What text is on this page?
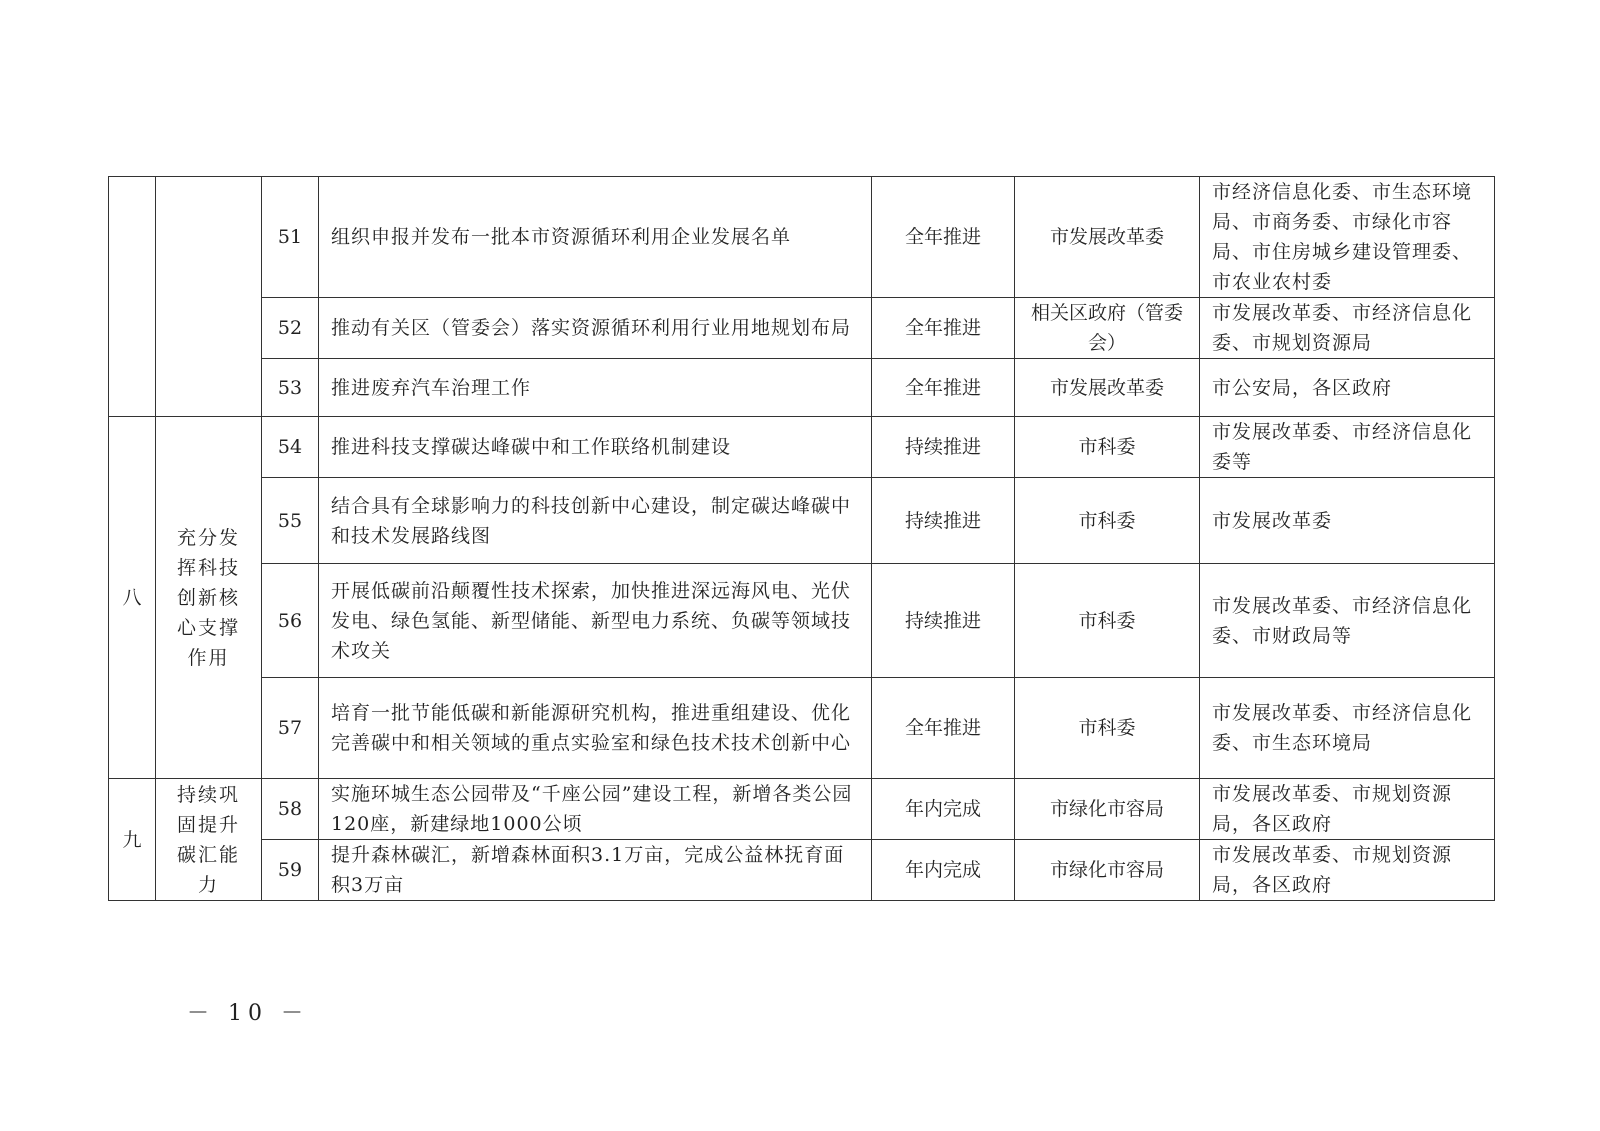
		51	组织申报并发布一批本市资源循环利用企业发展名单	全年推进	市发展改革委	市经济信息化委、市生态环境局、市商务委、市绿化市容局、市住房城乡建设管理委、市农业农村委
		52	推动有关区（管委会）落实资源循环利用行业用地规划布局	全年推进	相关区政府（管委会）	市发展改革委、市经济信息化委、市规划资源局
		53	推进废弃汽车治理工作	全年推进	市发展改革委	市公安局，各区政府
八	充分发挥科技创新核心支撑作用	54	推进科技支撑碳达峰碳中和工作联络机制建设	持续推进	市科委	市发展改革委、市经济信息化委等
		55	结合具有全球影响力的科技创新中心建设，制定碳达峰碳中和技术发展路线图	持续推进	市科委	市发展改革委
		56	开展低碳前沿颠覆性技术探索，加快推进深远海风电、光伏发电、绿色氢能、新型储能、新型电力系统、负碳等领域技术攻关	持续推进	市科委	市发展改革委、市经济信息化委、市财政局等
		57	培育一批节能低碳和新能源研究机构，推进重组建设、优化完善碳中和相关领域的重点实验室和绿色技术技术创新中心	全年推进	市科委	市发展改革委、市经济信息化委、市生态环境局
九	持续巩固提升碳汇能力	58	实施环城生态公园带及“千座公园”建设工程，新增各类公园120座，新建绿地1000公顷	年内完成	市绿化市容局	市发展改革委、市规划资源局，各区政府
		59	提升森林碳汇，新增森林面积3.1万亩，完成公益林抚育面积3万亩	年内完成	市绿化市容局	市发展改革委、市规划资源局，各区政府
－ 10 －
